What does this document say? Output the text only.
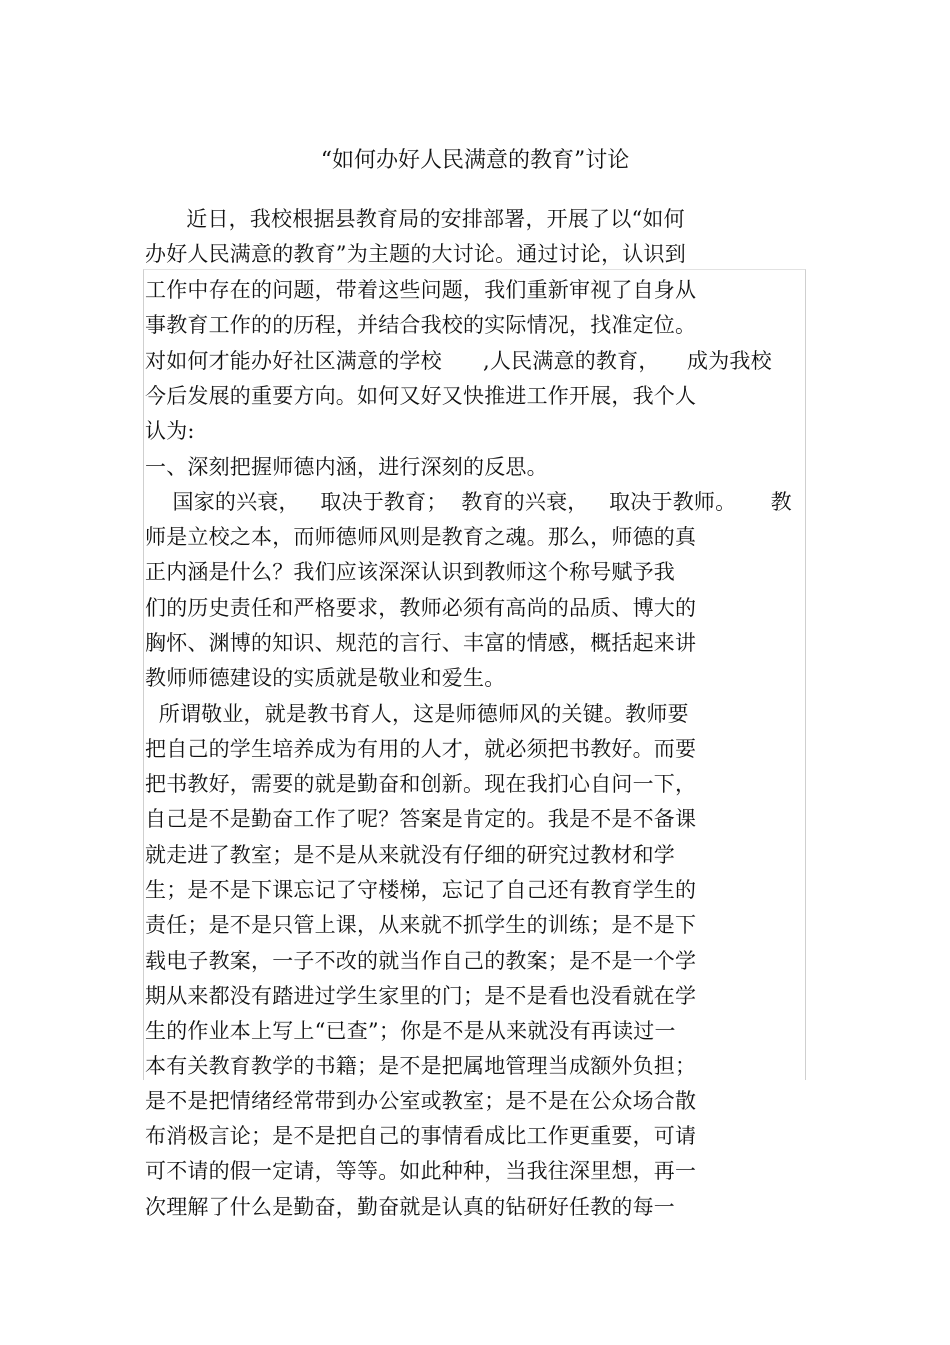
“如何办好人民满意的教育”讨论
近日，我校根据县教育局的安排部署，开展了以“如何
办好人民满意的教育”为主题的大讨论。通过讨论，认识到
工作中存在的问题，带着这些问题，我们重新审视了自身从
事教育工作的的历程，并结合我校的实际情况，找准定位。
对如何才能办好社区满意的学校      ,人民满意的教育，    成为我校
今后发展的重要方向。如何又好又快推进工作开展，我个人
认为:
一、深刻把握师德内涵，进行深刻的反思。
国家的兴衰，   取决于教育；  教育的兴衰，   取决于教师。     教
师是立校之本，而师德师风则是教育之魂。那么，师德的真
正内涵是什么？我们应该深深认识到教师这个称号赋予我
们的历史责任和严格要求，教师必须有高尚的品质、博大的
胸怀、渊博的知识、规范的言行、丰富的情感，概括起来讲
教师师德建设的实质就是敬业和爱生。
所谓敬业，就是教书育人，这是师德师风的关键。教师要
把自己的学生培养成为有用的人才，就必须把书教好。而要
把书教好，需要的就是勤奋和创新。现在我扪心自问一下，
自己是不是勤奋工作了呢？答案是肯定的。我是不是不备课
就走进了教室；是不是从来就没有仔细的研究过教材和学
生；是不是下课忘记了守楼梯，忘记了自己还有教育学生的
责任；是不是只管上课，从来就不抓学生的训练；是不是下
载电子教案，一子不改的就当作自己的教案；是不是一个学
期从来都没有踏进过学生家里的门；是不是看也没看就在学
生的作业本上写上“已查”；你是不是从来就没有再读过一
本有关教育教学的书籍；是不是把属地管理当成额外负担；
是不是把情绪经常带到办公室或教室；是不是在公众场合散
布消极言论；是不是把自己的事情看成比工作更重要，可请
可不请的假一定请，等等。如此种种，当我往深里想，再一
次理解了什么是勤奋，勤奋就是认真的钻研好任教的每一
